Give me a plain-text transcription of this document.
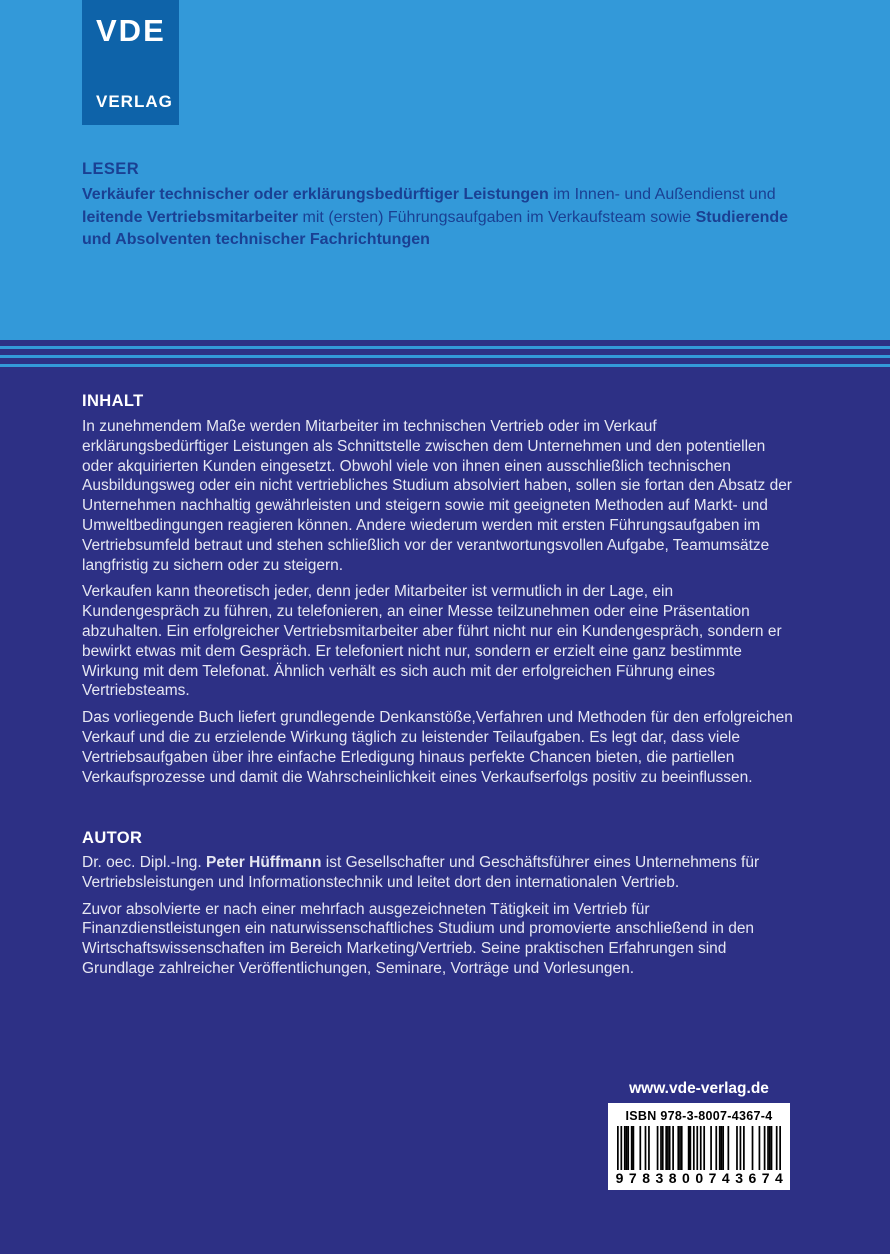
VDE
VERLAG
LESER

Verkäufer technischer oder erklärungsbedürftiger Leistungen im Innen- und Außendienst und leitende Vertriebsmitarbeiter mit (ersten) Führungsaufgaben im Verkaufsteam sowie Studierende und Absolventen technischer Fachrichtungen

INHALT

In zunehmendem Maße werden Mitarbeiter im technischen Vertrieb oder im Verkauf erklärungsbedürftiger Leistungen als Schnittstelle zwischen dem Unternehmen und den potentiellen oder akquirierten Kunden eingesetzt. Obwohl viele von ihnen einen ausschließlich technischen Ausbildungsweg oder ein nicht vertriebliches Studium absolviert haben, sollen sie fortan den Absatz der Unternehmen nachhaltig gewährleisten und steigern sowie mit geeigneten Methoden auf Markt- und Umweltbedingungen reagieren können. Andere wiederum werden mit ersten Führungsaufgaben im Vertriebsumfeld betraut und stehen schließlich vor der verantwortungsvollen Aufgabe, Teamumsätze langfristig zu sichern oder zu steigern.

Verkaufen kann theoretisch jeder, denn jeder Mitarbeiter ist vermutlich in der Lage, ein Kundengespräch zu führen, zu telefonieren, an einer Messe teilzunehmen oder eine Präsentation abzuhalten. Ein erfolgreicher Vertriebsmitarbeiter aber führt nicht nur ein Kundengespräch, sondern er bewirkt etwas mit dem Gespräch. Er telefoniert nicht nur, sondern er erzielt eine ganz bestimmte Wirkung mit dem Telefonat. Ähnlich verhält es sich auch mit der erfolgreichen Führung eines Vertriebsteams.

Das vorliegende Buch liefert grundlegende Denkanstöße,Verfahren und Methoden für den erfolgreichen Verkauf und die zu erzielende Wirkung täglich zu leistender Teilaufgaben. Es legt dar, dass viele Vertriebsaufgaben über ihre einfache Erledigung hinaus perfekte Chancen bieten, die partiellen Verkaufsprozesse und damit die Wahrscheinlichkeit eines Verkaufserfolgs positiv zu beeinflussen.

AUTOR

Dr. oec. Dipl.-Ing. Peter Hüffmann ist Gesellschafter und Geschäftsführer eines Unternehmens für Vertriebsleistungen und Informationstechnik und leitet dort den internationalen Vertrieb.

Zuvor absolvierte er nach einer mehrfach ausgezeichneten Tätigkeit im Vertrieb für Finanzdienstleistungen ein naturwissenschaftliches Studium und promovierte anschließend in den Wirtschaftswissenschaften im Bereich Marketing/Vertrieb. Seine praktischen Erfahrungen sind Grundlage zahlreicher Veröffentlichungen, Seminare, Vorträge und Vorlesungen.

www.vde-verlag.de
ISBN 978-3-8007-4367-4
9783800743674
